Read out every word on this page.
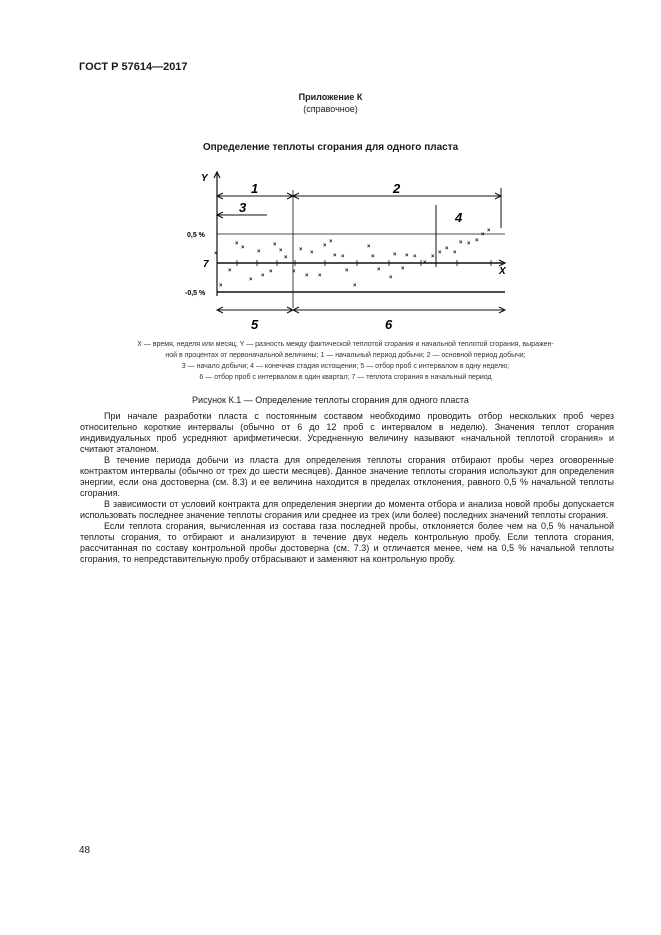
ГОСТ Р 57614—2017
Приложение К
(справочное)
Определение теплоты сгорания для одного пласта
×
×
×
×
×
×
×
×
×
×
×
×
×
×
×
×
×
×
×
× ×
×
×
×
×
×
×
×
×
× ×
×
×
×
×
×
× × ×
×
×
Y
X
0,5 %
7
-0,5 %
1	2
3
4
5	6
X — время, неделя или месяц; Y — разность между фактической теплотой сгорания и начальной теплотой сгорания, выражен-
ной в процентах от первоначальной величины; 1 — начальный период добычи; 2 — основной период добычи;
3 — начало добычи; 4 — конечная стадия истощения; 5 — отбор проб с интервалом в одну неделю;
6 — отбор проб с интервалом в один квартал; 7 — теплота сгорания в начальный период
Рисунок К.1 — Определение теплоты сгорания для одного пласта

При начале разработки пласта с постоянным составом необходимо проводить отбор нескольких проб через относительно короткие интервалы (обычно от 6 до 12 проб с интервалом в неделю). Значения теплот сгорания индивидуальных проб усредняют арифметически. Усредненную величину называют «начальной теплотой сгорания» и считают эталоном.

В течение периода добычи из пласта для определения теплоты сгорания отбирают пробы через оговоренные контрактом интервалы (обычно от трех до шести месяцев). Данное значение теплоты сгорания используют для определения энергии, если она достоверна (см. 8.3) и ее величина находится в пределах отклонения, равного 0,5 % начальной теплоты сгорания.

В зависимости от условий контракта для определения энергии до момента отбора и анализа новой пробы допускается использовать последнее значение теплоты сгорания или среднее из трех (или более) последних значений теплоты сгорания.

Если теплота сгорания, вычисленная из состава газа последней пробы, отклоняется более чем на 0,5 % начальной теплоты сгорания, то отбирают и анализируют в течение двух недель контрольную пробу. Если теплота сгорания, рассчитанная по составу контрольной пробы достоверна (см. 7.3) и отличается менее, чем на 0,5 % начальной теплоты сгорания, то непредставительную пробу отбрасывают и заменяют на контрольную пробу.

48
